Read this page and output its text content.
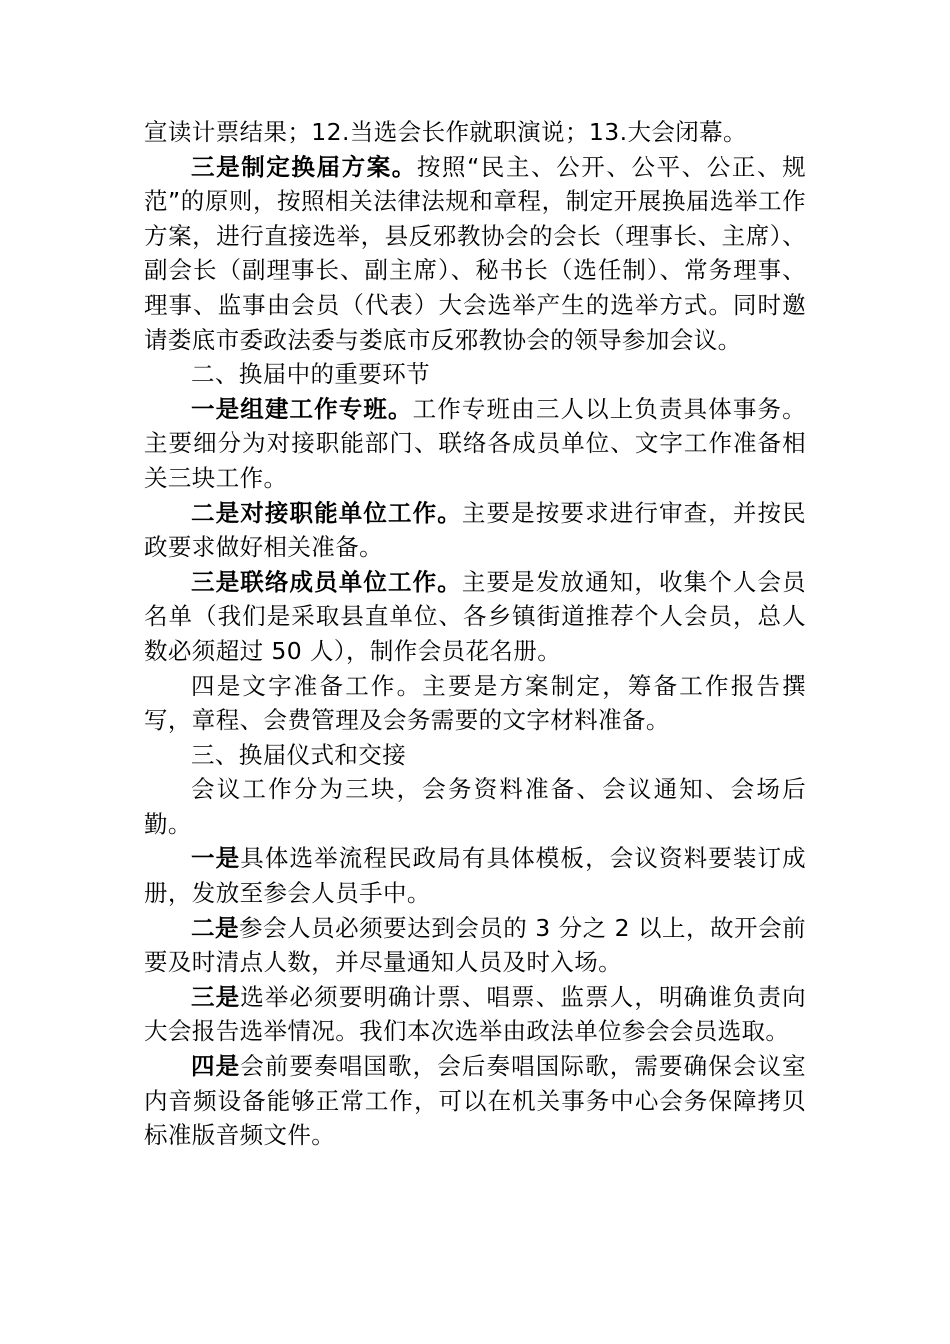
宣读计票结果；12.当选会长作就职演说；13.大会闭幕。

三是制定换届方案。按照“民主、公开、公平、公正、规范”的原则，按照相关法律法规和章程，制定开展换届选举工作方案，进行直接选举，县反邪教协会的会长（理事长、主席）、副会长（副理事长、副主席）、秘书长（选任制）、常务理事、理事、监事由会员（代表）大会选举产生的选举方式。同时邀请娄底市委政法委与娄底市反邪教协会的领导参加会议。

二、换届中的重要环节

一是组建工作专班。工作专班由三人以上负责具体事务。主要细分为对接职能部门、联络各成员单位、文字工作准备相关三块工作。

二是对接职能单位工作。主要是按要求进行审查，并按民政要求做好相关准备。

三是联络成员单位工作。主要是发放通知，收集个人会员名单（我们是采取县直单位、各乡镇街道推荐个人会员，总人数必须超过 50 人），制作会员花名册。

四是文字准备工作。主要是方案制定，筹备工作报告撰写，章程、会费管理及会务需要的文字材料准备。

三、换届仪式和交接

会议工作分为三块，会务资料准备、会议通知、会场后勤。

一是具体选举流程民政局有具体模板，会议资料要装订成册，发放至参会人员手中。

二是参会人员必须要达到会员的 3 分之 2 以上，故开会前要及时清点人数，并尽量通知人员及时入场。

三是选举必须要明确计票、唱票、监票人，明确谁负责向大会报告选举情况。我们本次选举由政法单位参会会员选取。

四是会前要奏唱国歌，会后奏唱国际歌，需要确保会议室内音频设备能够正常工作，可以在机关事务中心会务保障拷贝标准版音频文件。
